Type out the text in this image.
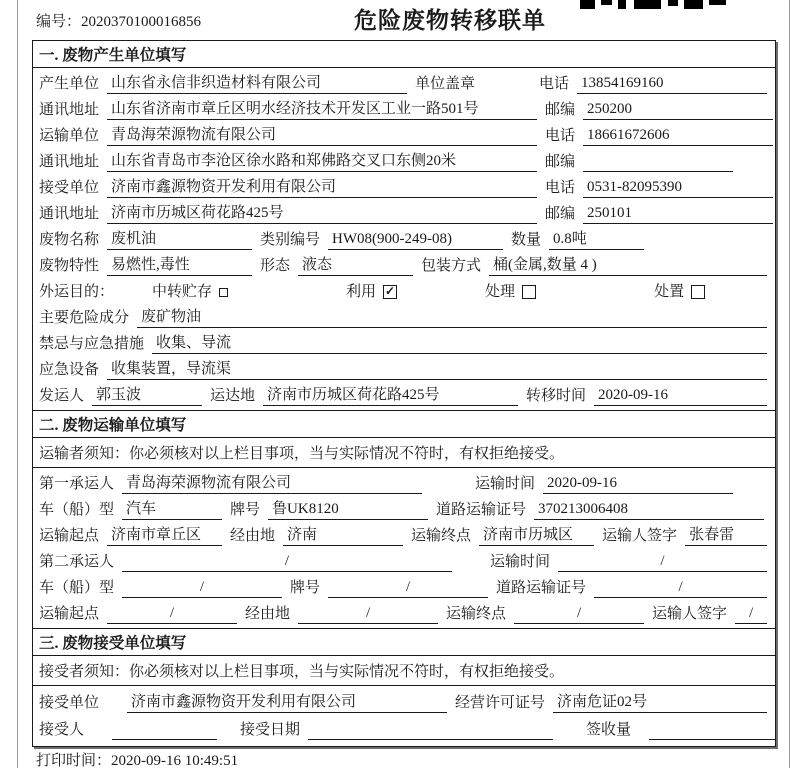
编号：2020370100016856	危险废物转移联单
一. 废物产生单位填写
产生单位 山东省永信非织造材料有限公司	单位盖章	电话 13854169160
通讯地址 山东省济南市章丘区明水经济技术开发区工业一路501号	邮编 250200
运输单位 青岛海荣源物流有限公司	电话 18661672606
通讯地址 山东省青岛市李沧区徐水路和郑佛路交叉口东侧20米	邮编
接受单位 济南市鑫源物资开发利用有限公司	电话 0531-82095390
通讯地址 济南市历城区荷花路425号	邮编 250101
废物名称 废机油	类别编号 HW08(900-249-08)	数量 0.8吨
废物特性 易燃性,毒性	形态 液态	包装方式 桶(金属,数量 4 )
外运目的：	中转贮存	利用 ✓	处理	处置
主要危险成分 废矿物油
禁忌与应急措施 收集、导流
应急设备 收集装置，导流渠
发运人 郭玉波	运达地 济南市历城区荷花路425号	转移时间 2020-09-16
二. 废物运输单位填写
运输者须知：你必须核对以上栏目事项，当与实际情况不符时，有权拒绝接受。
第一承运人 青岛海荣源物流有限公司	运输时间 2020-09-16
车（船）型 汽车	牌号 鲁UK8120	道路运输证号 370213006408
运输起点 济南市章丘区	经由地 济南	运输终点 济南市历城区	运输人签字 张春雷
第二承运人	/	运输时间	/
车（船）型	/	牌号	/	道路运输证号	/
运输起点	/	经由地	/	运输终点	/	运输人签字	/
三. 废物接受单位填写
接受者须知：你必须核对以上栏目事项，当与实际情况不符时，有权拒绝接受。
接受单位 济南市鑫源物资开发利用有限公司	经营许可证号 济南危证02号
接受人	接受日期	签收量
打印时间：2020-09-16 10:49:51
